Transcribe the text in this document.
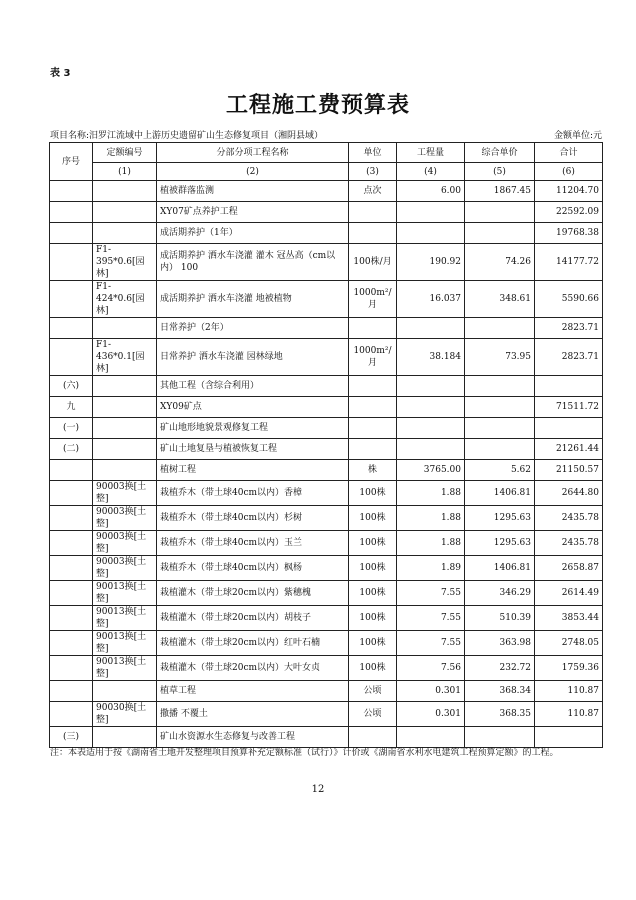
表 3
工程施工费预算表
项目名称:汨罗江流域中上游历史遗留矿山生态修复项目（湘阴县域）	金额单位:元
序号	定额编号	分部分项工程名称	单位	工程量	综合单价	合计
	(1)	(2)	(3)	(4)	(5)	(6)
		植被群落监测	点次	6.00	1867.45	11204.70
		XY07矿点养护工程				22592.09
		成活期养护（1年）				19768.38
	F1-395*0.6[园林]	成活期养护 洒水车浇灌 灌木 冠丛高（cm以内） 100	100株/月	190.92	74.26	14177.72
	F1-424*0.6[园林]	成活期养护 洒水车浇灌 地被植物	1000m²/月	16.037	348.61	5590.66
		日常养护（2年）				2823.71
	F1-436*0.1[园林]	日常养护 洒水车浇灌 园林绿地	1000m²/月	38.184	73.95	2823.71
(六)		其他工程（含综合利用）				
九		XY09矿点				71511.72
(一)		矿山地形地貌景观修复工程				
(二)		矿山土地复垦与植被恢复工程				21261.44
		植树工程	株	3765.00	5.62	21150.57
	90003换[土整]	栽植乔木（带土球40cm以内）香樟	100株	1.88	1406.81	2644.80
	90003换[土整]	栽植乔木（带土球40cm以内）杉树	100株	1.88	1295.63	2435.78
	90003换[土整]	栽植乔木（带土球40cm以内）玉兰	100株	1.88	1295.63	2435.78
	90003换[土整]	栽植乔木（带土球40cm以内）枫杨	100株	1.89	1406.81	2658.87
	90013换[土整]	栽植灌木（带土球20cm以内）紫穗槐	100株	7.55	346.29	2614.49
	90013换[土整]	栽植灌木（带土球20cm以内）胡枝子	100株	7.55	510.39	3853.44
	90013换[土整]	栽植灌木（带土球20cm以内）红叶石楠	100株	7.55	363.98	2748.05
	90013换[土整]	栽植灌木（带土球20cm以内）大叶女贞	100株	7.56	232.72	1759.36
		植草工程	公顷	0.301	368.34	110.87
	90030换[土整]	撒播 不覆土	公顷	0.301	368.35	110.87
(三)		矿山水资源水生态修复与改善工程				
注：本表适用于按《湖南省土地开发整理项目预算补充定额标准（试行）》计价或《湖南省水利水电建筑工程预算定额》的工程。
12
